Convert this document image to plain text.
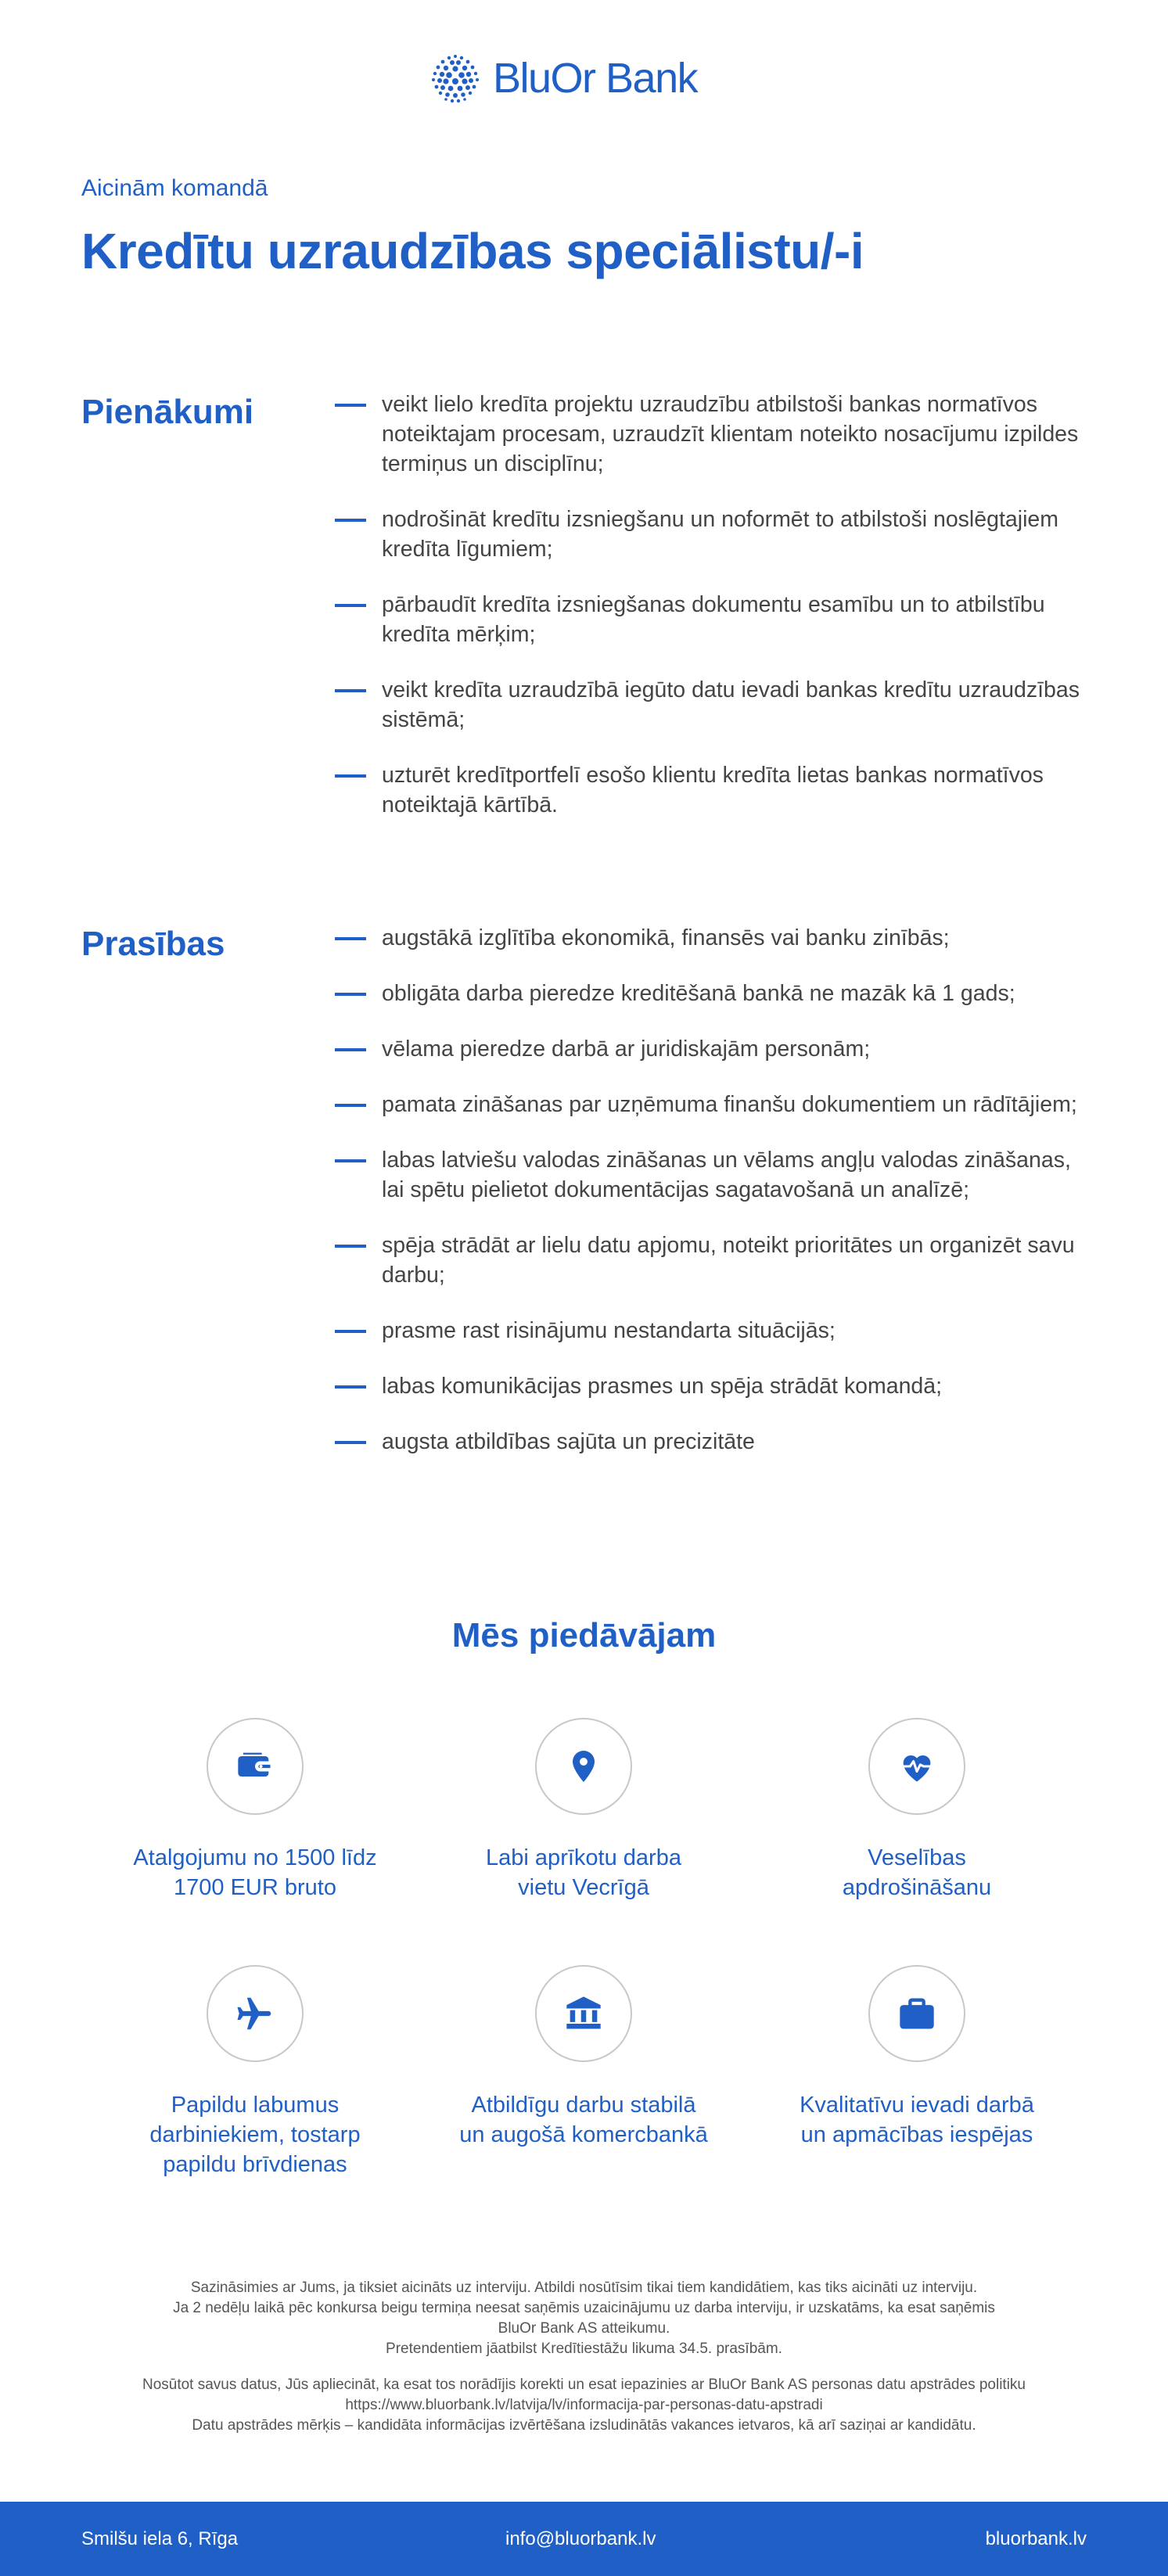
BluOr Bank
Aicinām komandā
Kredītu uzraudzības speciālistu/-i
Pienākumi	veikt lielo kredīta projektu uzraudzību atbilstoši bankas normatīvos noteiktajam procesam, uzraudzīt klientam noteikto nosacījumu izpildes termiņus un disciplīnu;
nodrošināt kredītu izsniegšanu un noformēt to atbilstoši noslēgtajiem kredīta līgumiem;
pārbaudīt kredīta izsniegšanas dokumentu esamību un to atbilstību kredīta mērķim;
veikt kredīta uzraudzībā iegūto datu ievadi bankas kredītu uzraudzības sistēmā;
uzturēt kredītportfelī esošo klientu kredīta lietas bankas normatīvos noteiktajā kārtībā.
Prasības	augstākā izglītība ekonomikā, finansēs vai banku zinībās;
obligāta darba pieredze kreditēšanā bankā ne mazāk kā 1 gads;
vēlama pieredze darbā ar juridiskajām personām;
pamata zināšanas par uzņēmuma finanšu dokumentiem un rādītājiem;
labas latviešu valodas zināšanas un vēlams angļu valodas zināšanas, lai spētu pielietot dokumentācijas sagatavošanā un analīzē;
spēja strādāt ar lielu datu apjomu, noteikt prioritātes un organizēt savu darbu;
prasme rast risinājumu nestandarta situācijās;
labas komunikācijas prasmes un spēja strādāt komandā;
augsta atbildības sajūta un precizitāte
Mēs piedāvājam
Atalgojumu no 1500 līdz
1700 EUR bruto
Labi aprīkotu darba
vietu Vecrīgā
Veselības
apdrošināšanu
Papildu labumus
darbiniekiem, tostarp
papildu brīvdienas
Atbildīgu darbu stabilā
un augošā komercbankā
Kvalitatīvu ievadi darbā
un apmācības iespējas
Sazināsimies ar Jums, ja tiksiet aicināts uz interviju. Atbildi nosūtīsim tikai tiem kandidātiem, kas tiks aicināti uz interviju.
Ja 2 nedēļu laikā pēc konkursa beigu termiņa neesat saņēmis uzaicinājumu uz darba interviju, ir uzskatāms, ka esat saņēmis
BluOr Bank AS atteikumu.
Pretendentiem jāatbilst Kredītiestāžu likuma 34.5. prasībām.
Nosūtot savus datus, Jūs apliecināt, ka esat tos norādījis korekti un esat iepazinies ar BluOr Bank AS personas datu apstrādes politiku
https://www.bluorbank.lv/latvija/lv/informacija-par-personas-datu-apstradi
Datu apstrādes mērķis – kandidāta informācijas izvērtēšana izsludinātās vakances ietvaros, kā arī saziņai ar kandidātu.
Smilšu iela 6, Rīga	info@bluorbank.lv	bluorbank.lv
